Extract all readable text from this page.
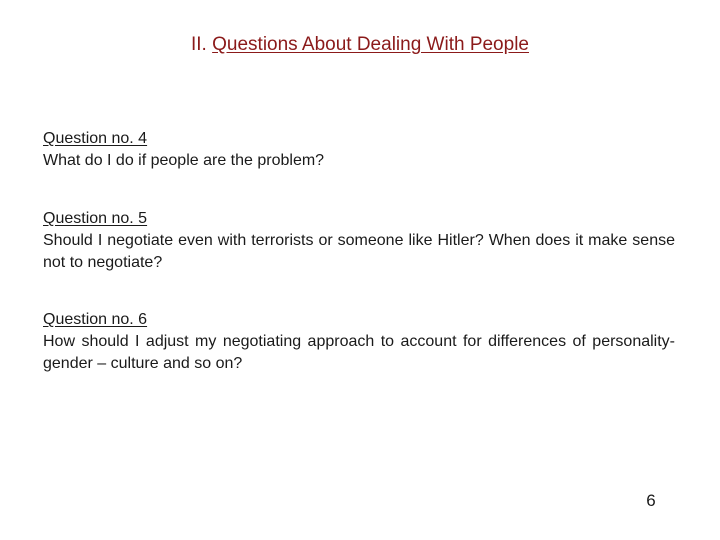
II. Questions About Dealing With People
Question no. 4
What do I do if people are the problem?
Question no. 5
Should I negotiate even with terrorists or someone like Hitler? When does it make sense not to negotiate?
Question no. 6
How should I adjust my negotiating approach to account for differences of personality- gender – culture and so on?
6
